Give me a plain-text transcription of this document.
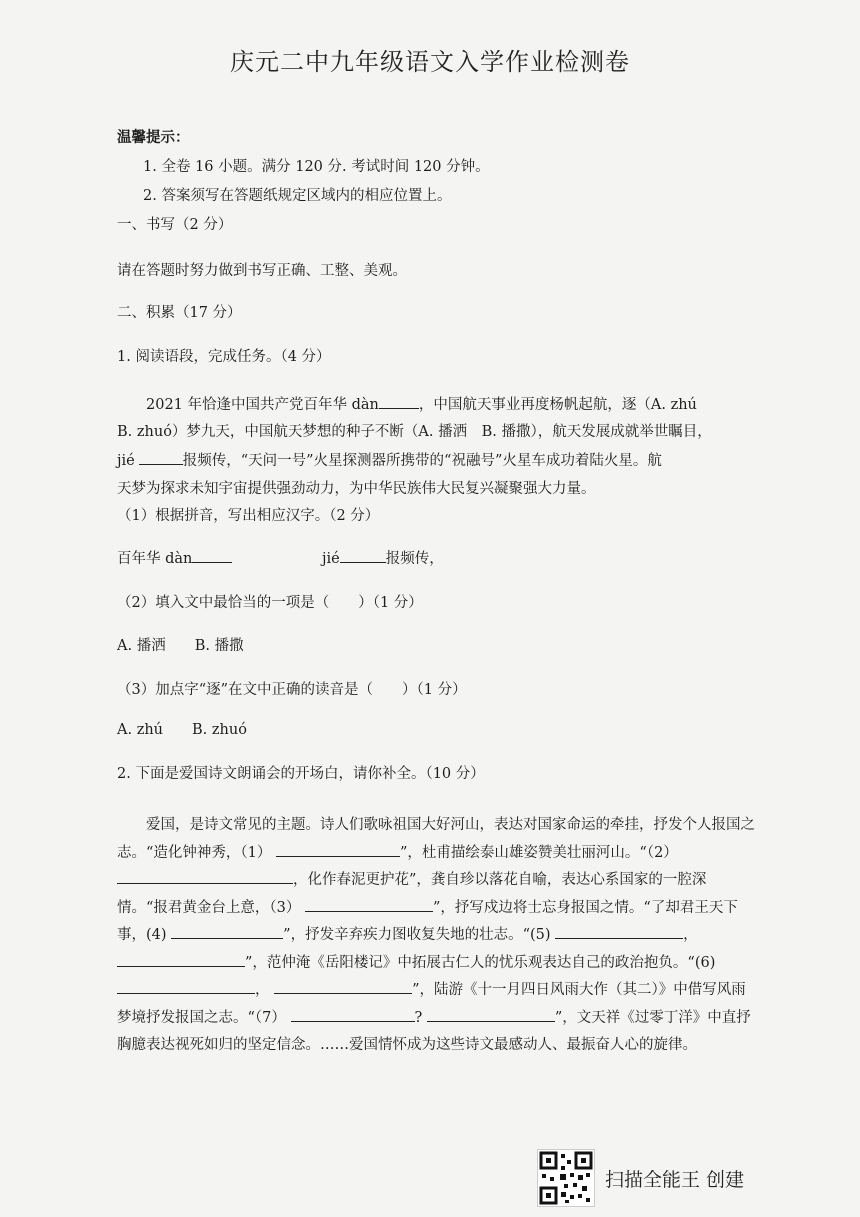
庆元二中九年级语文入学作业检测卷
温馨提示：
1. 全卷 16 小题。满分 120 分. 考试时间 120 分钟。
2. 答案须写在答题纸规定区域内的相应位置上。
一、书写（2 分）
请在答题时努力做到书写正确、工整、美观。
二、积累（17 分）
1. 阅读语段，完成任务。（4 分）
2021 年恰逢中国共产党百年华 dàn	，中国航天事业再度杨帆起航，逐（A. zhú
B. zhuó）梦九天，中国航天梦想的种子不断（A. 播洒　B. 播撒），航天发展成就举世瞩目，
jié	报频传，“天问一号”火星探测器所携带的“祝融号”火星车成功着陆火星。航
天梦为探求未知宇宙提供强劲动力，为中华民族伟大民复兴凝聚强大力量。
（1）根据拼音，写出相应汉字。（2 分）
百年华 dàn	jié	报频传，
（2）填入文中最恰当的一项是（　　）（1 分）
A. 播洒　　B. 播撒
（3）加点字“逐”在文中正确的读音是（　　）（1 分）
A. zhú　　B. zhuó
2. 下面是爱国诗文朗诵会的开场白，请你补全。（10 分）
爱国，是诗文常见的主题。诗人们歌咏祖国大好河山，表达对国家命运的牵挂，抒发个人报国之志。“造化钟神秀，（1）	”，杜甫描绘泰山雄姿赞美壮丽河山。“（2） ，化作春泥更护花”，龚自珍以落花自喻，表达心系国家的一腔深情。“报君黄金台上意，（3）	”，抒写戍边将士忘身报国之情。“了却君王天下事，(4)	”，抒发辛弃疾力图收复失地的壮志。“(5)	， ”，范仲淹《岳阳楼记》中拓展古仁人的忧乐观表达自己的政治抱负。“(6) ，	”，陆游《十一月四日风雨大作（其二）》中借写风雨梦境抒发报国之志。“（7）	?	”，文天祥《过零丁洋》中直抒胸臆表达视死如归的坚定信念。……爱国情怀成为这些诗文最感动人、最振奋人心的旋律。
扫描全能王 创建
